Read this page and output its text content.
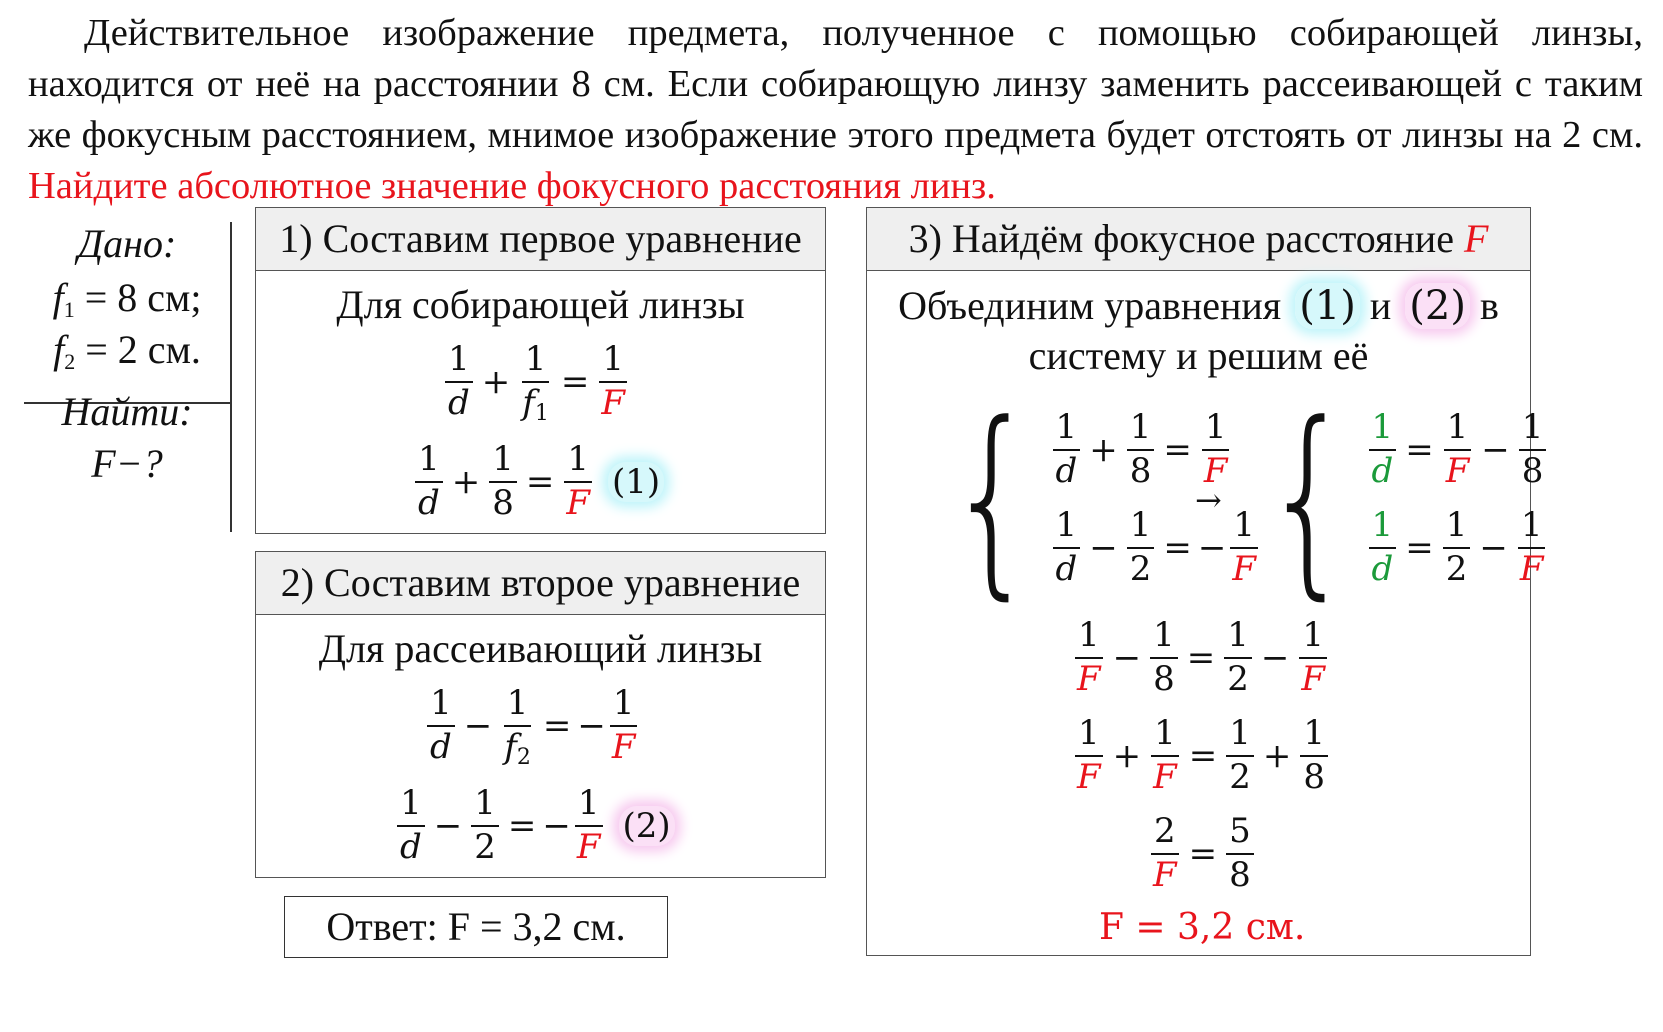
Действительное изображение предмета, полученное с помощью собирающей линзы, находится от неё на расстоянии 8 см. Если собирающую линзу заменить рассеивающей с таким же фокусным расстоянием, мнимое изображение этого предмета будет отстоять от линзы на 2 см. Найдите абсолютное значение фокусного расстояния линз.
Дано:
$f_1 = 8$ см;
$f_2 = 2$ см.
Найти:
F−?
1) Составим первое уравнение
Для собирающей линзы
$\frac{1}{d} + \frac{1}{f_1} = \frac{1}{F}$
$\frac{1}{d} + \frac{1}{8} = \frac{1}{F} (1)$
2) Составим второе уравнение
Для рассеивающий линзы
$\frac{1}{d} - \frac{1}{f_2}$ = − $\frac{1}{F}$
$\frac{1}{d} - \frac{1}{2}$ = − $\frac{1}{F} (2)$
Ответ: F = 3,2 см.
3) Найдём фокусное расстояние F
Объединим уравнения (1) и (2) в
систему и решим её
{ $\frac{1}{d} + \frac{1}{8} = \frac{1}{F}$
$\frac{1}{d} - \frac{1}{2}$ = − $\frac{1}{F}$
→ { $\frac{1}{d} = \frac{1}{F} - \frac{1}{8}$
$\frac{1}{d} = \frac{1}{2} - \frac{1}{F}$
$\frac{1}{F} - \frac{1}{8} = \frac{1}{2} - \frac{1}{F}$
$\frac{1}{F} + \frac{1}{F} = \frac{1}{2} + \frac{1}{8}$
$\frac{2}{F} = \frac{5}{8}$
F = 3,2 см.
